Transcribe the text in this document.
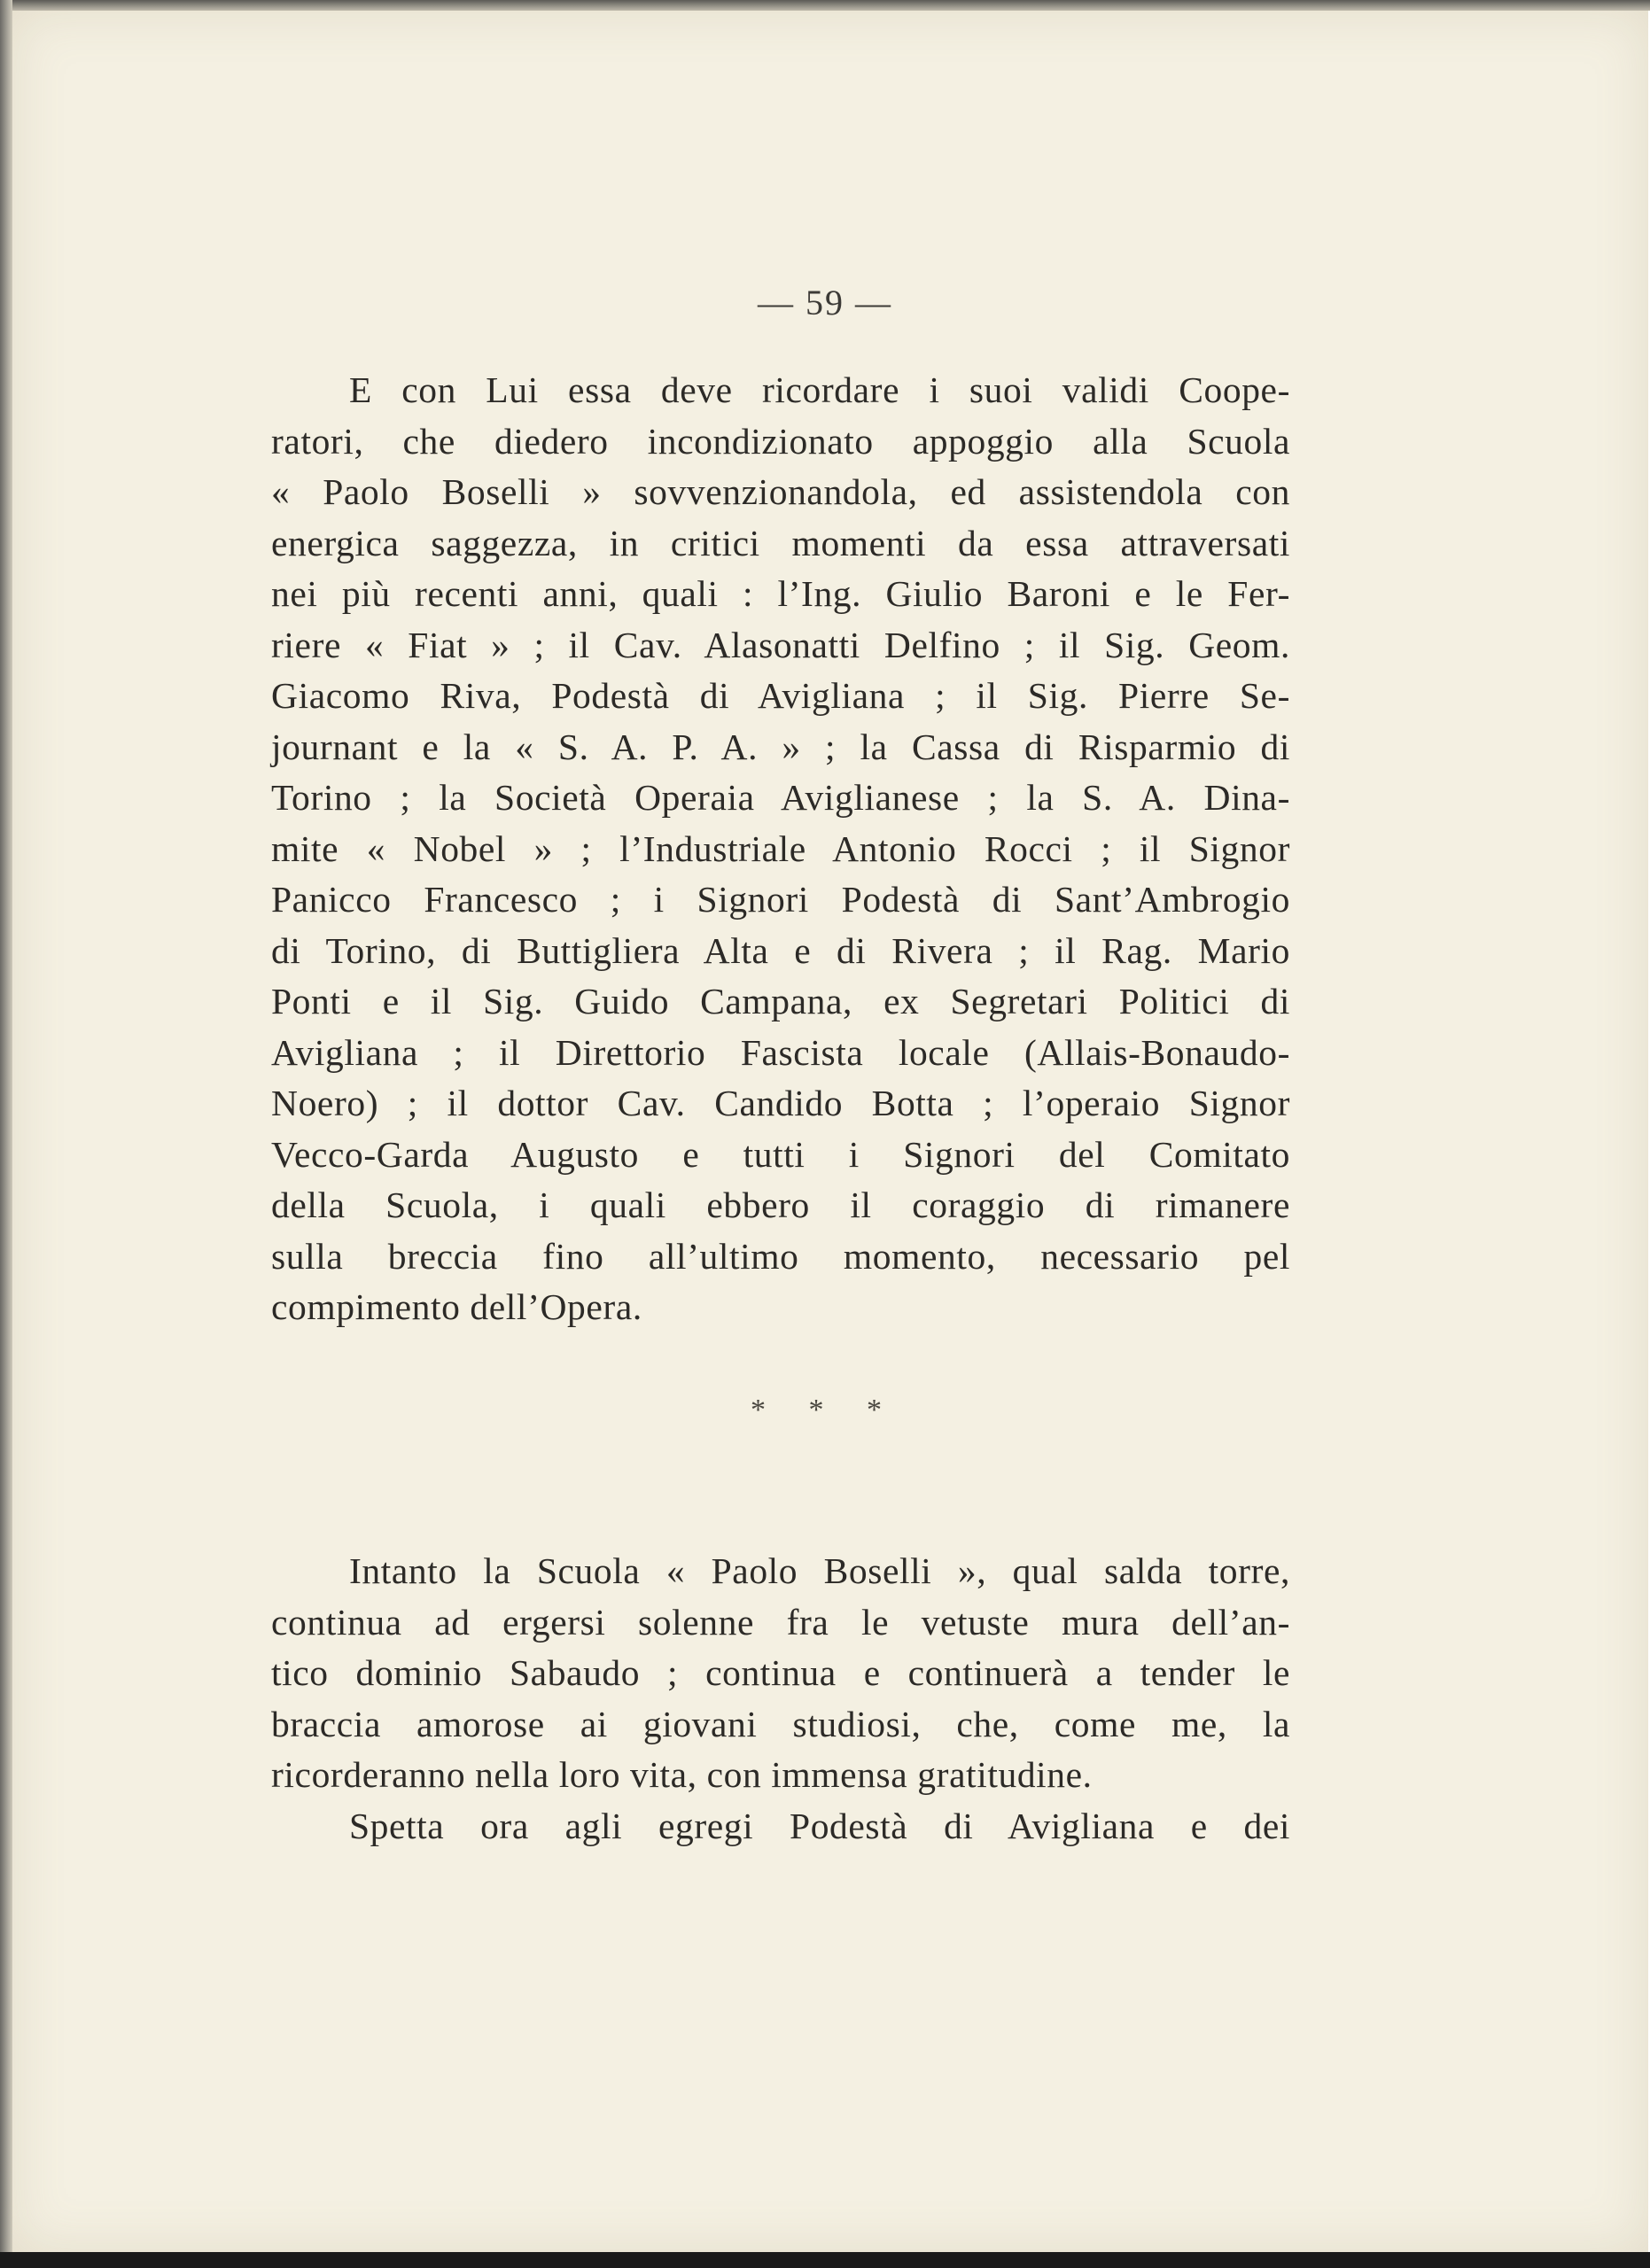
— 59 —
E con Lui essa deve ricordare i suoi validi Coope-
ratori, che diedero incondizionato appoggio alla Scuola
« Paolo Boselli » sovvenzionandola, ed assistendola con
energica saggezza, in critici momenti da essa attraversati
nei più recenti anni, quali : l’Ing. Giulio Baroni e le Fer-
riere « Fiat » ; il Cav. Alasonatti Delfino ; il Sig. Geom.
Giacomo Riva, Podestà di Avigliana ; il Sig. Pierre Se-
journant e la « S. A. P. A. » ; la Cassa di Risparmio di
Torino ; la Società Operaia Aviglianese ; la S. A. Dina-
mite « Nobel » ; l’Industriale Antonio Rocci ; il Signor
Panicco Francesco ; i Signori Podestà di Sant’Ambrogio
di Torino, di Buttigliera Alta e di Rivera ; il Rag. Mario
Ponti e il Sig. Guido Campana, ex Segretari Politici di
Avigliana ; il Direttorio Fascista locale (Allais-Bonaudo-
Noero) ; il dottor Cav. Candido Botta ; l’operaio Signor
Vecco-Garda Augusto e tutti i Signori del Comitato
della Scuola, i quali ebbero il coraggio di rimanere
sulla breccia fino all’ultimo momento, necessario pel
compimento dell’Opera.
* * *
Intanto la Scuola « Paolo Boselli », qual salda torre,
continua ad ergersi solenne fra le vetuste mura dell’an-
tico dominio Sabaudo ; continua e continuerà a tender le
braccia amorose ai giovani studiosi, che, come me, la
ricorderanno nella loro vita, con immensa gratitudine.
Spetta ora agli egregi Podestà di Avigliana e dei
